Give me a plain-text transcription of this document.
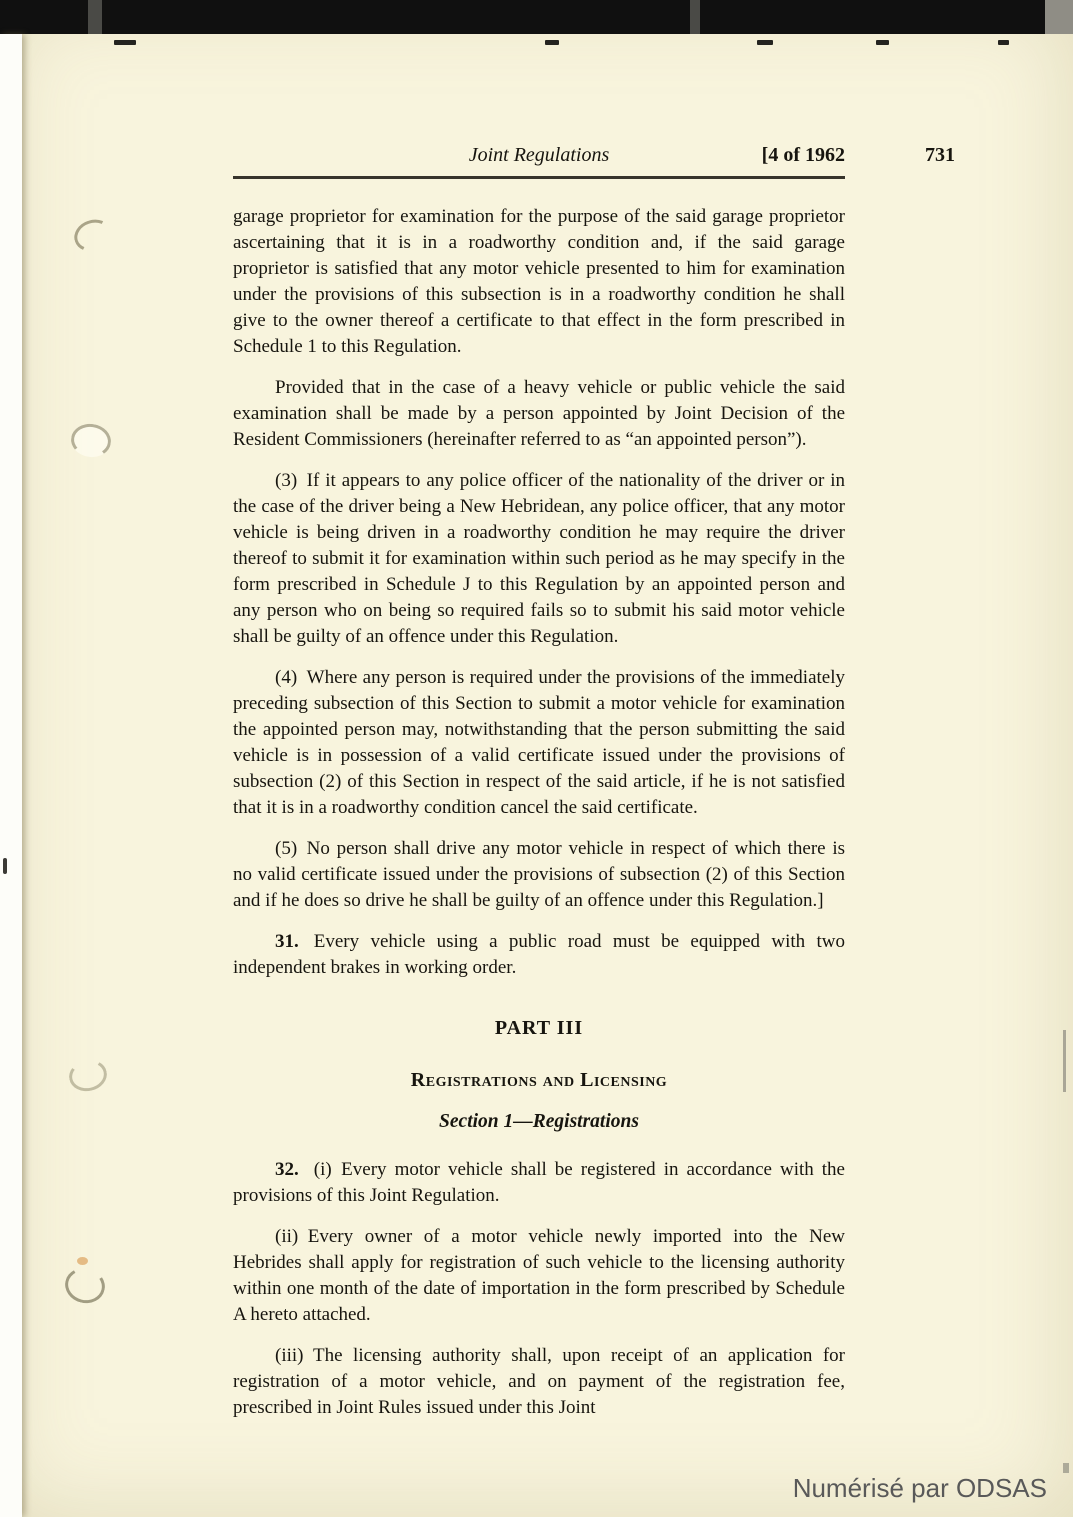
Joint Regulations	[4 of 1962	731

garage proprietor for examination for the purpose of the said garage proprietor ascertaining that it is in a roadworthy condition and, if the said garage proprietor is satisfied that any motor vehicle presented to him for examination under the provisions of this subsection is in a roadworthy condition he shall give to the owner thereof a certificate to that effect in the form prescribed in Schedule 1 to this Regulation.

Provided that in the case of a heavy vehicle or public vehicle the said examination shall be made by a person appointed by Joint Decision of the Resident Commissioners (hereinafter referred to as “an appointed person”).

(3) If it appears to any police officer of the nationality of the driver or in the case of the driver being a New Hebridean, any police officer, that any motor vehicle is being driven in a roadworthy condition he may require the driver thereof to submit it for examination within such period as he may specify in the form prescribed in Schedule J to this Regulation by an appointed person and any person who on being so required fails so to submit his said motor vehicle shall be guilty of an offence under this Regulation.

(4) Where any person is required under the provisions of the immediately preceding subsection of this Section to submit a motor vehicle for examination the appointed person may, notwithstanding that the person submitting the said vehicle is in possession of a valid certificate issued under the provisions of subsection (2) of this Section in respect of the said article, if he is not satisfied that it is in a roadworthy condition cancel the said certificate.

(5) No person shall drive any motor vehicle in respect of which there is no valid certificate issued under the provisions of subsection (2) of this Section and if he does so drive he shall be guilty of an offence under this Regulation.]

31. Every vehicle using a public road must be equipped with two independent brakes in working order.

PART III

Registrations and Licensing

Section 1—Registrations

32. (i) Every motor vehicle shall be registered in accordance with the provisions of this Joint Regulation.

(ii) Every owner of a motor vehicle newly imported into the New Hebrides shall apply for registration of such vehicle to the licensing authority within one month of the date of importation in the form prescribed by Schedule A hereto attached.

(iii) The licensing authority shall, upon receipt of an application for registration of a motor vehicle, and on payment of the registration fee, prescribed in Joint Rules issued under this Joint

Numérisé par ODSAS
